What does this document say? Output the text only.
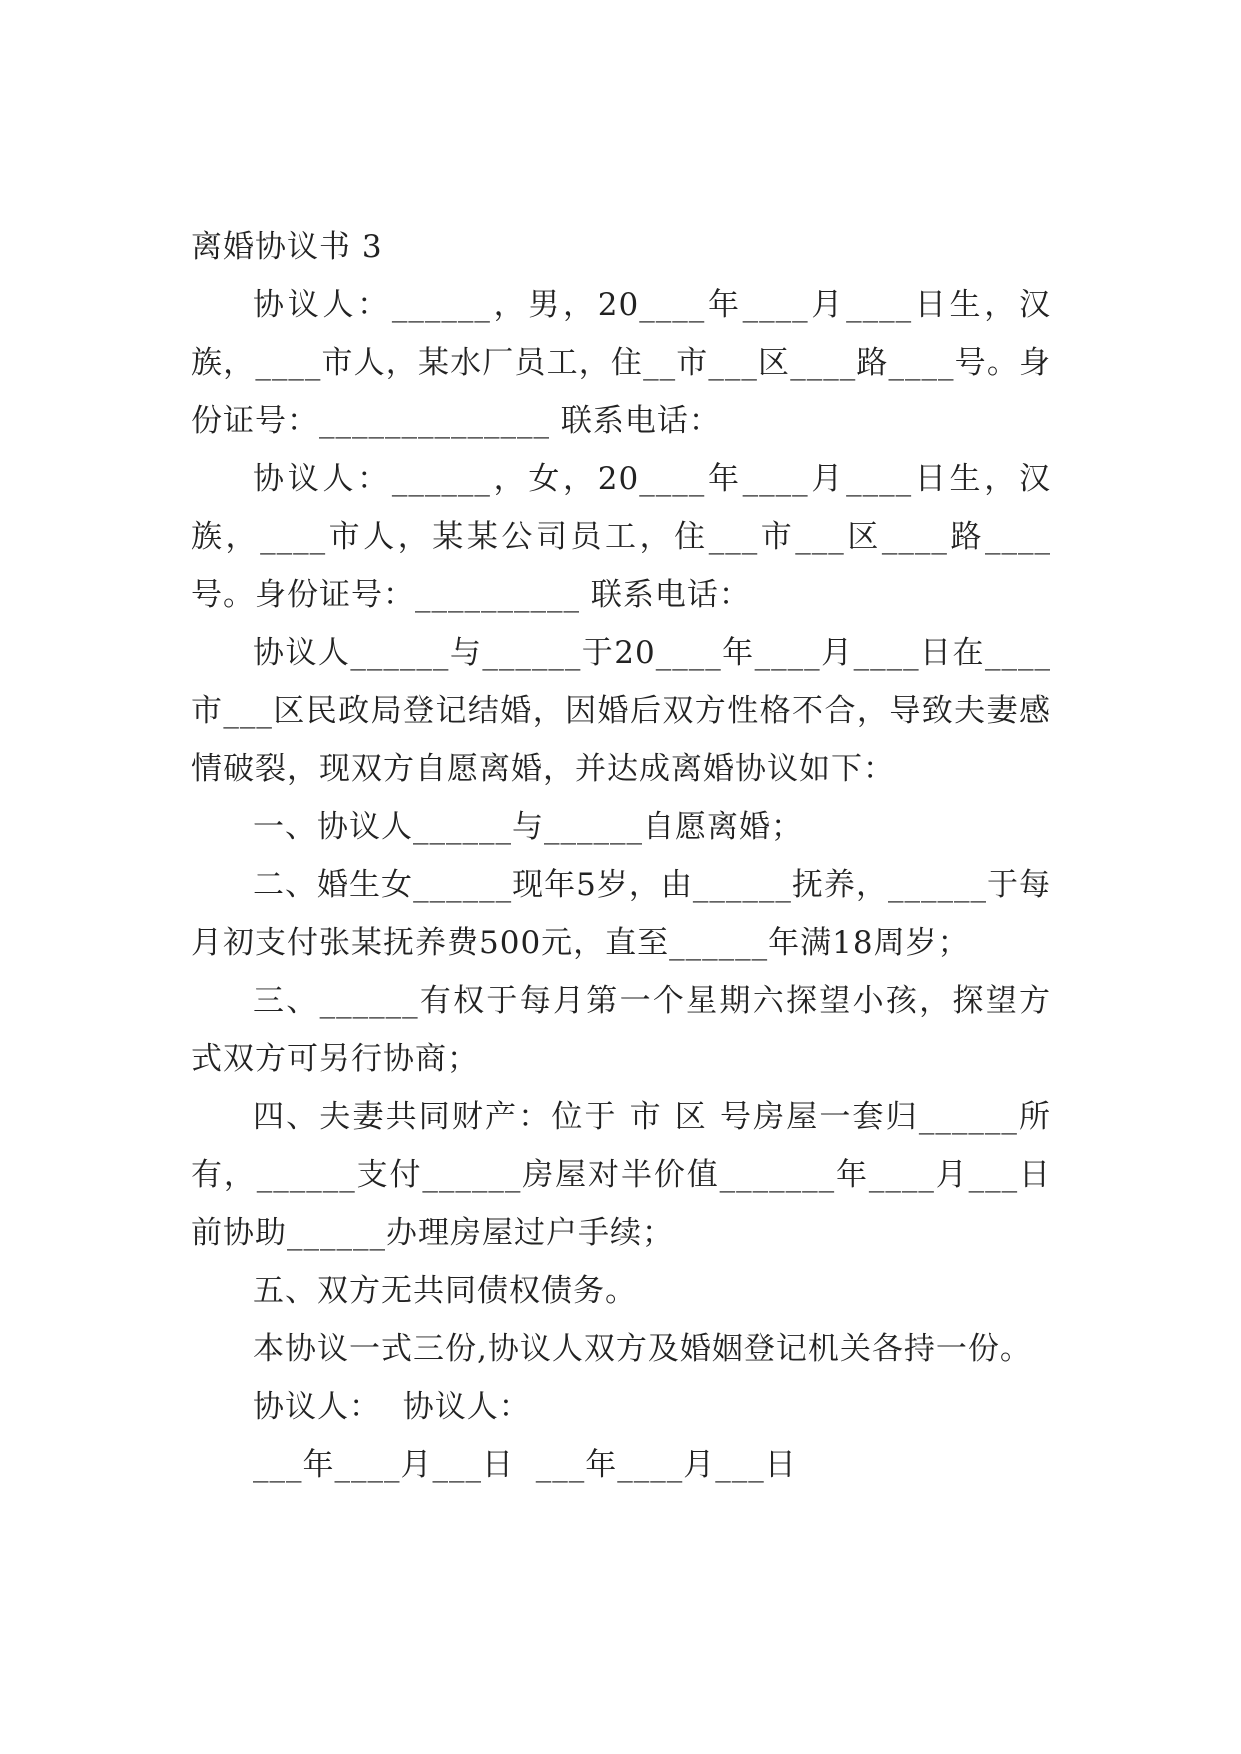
离婚协议书 3

协议人：______，男，20____年____月____日生，汉族，____市人，某水厂员工，住__市___区____路____号。身份证号：______________ 联系电话：

协议人：______，女，20____年____月____日生，汉族，____市人，某某公司员工，住___市___区____路____号。身份证号：__________ 联系电话：

协议人______与______于20____年____月____日在____市___区民政局登记结婚，因婚后双方性格不合，导致夫妻感情破裂，现双方自愿离婚，并达成离婚协议如下：

一、协议人______与______自愿离婚；

二、婚生女______现年5岁，由______抚养，______于每月初支付张某抚养费500元，直至______年满18周岁；

三、______有权于每月第一个星期六探望小孩，探望方式双方可另行协商；

四、夫妻共同财产：位于 市 区 号房屋一套归______所有，______支付______房屋对半价值_______年____月___日前协助______办理房屋过户手续；

五、双方无共同债权债务。

本协议一式三份,协议人双方及婚姻登记机关各持一份。

协议人：  协议人：

___年____月___日  ___年____月___日
